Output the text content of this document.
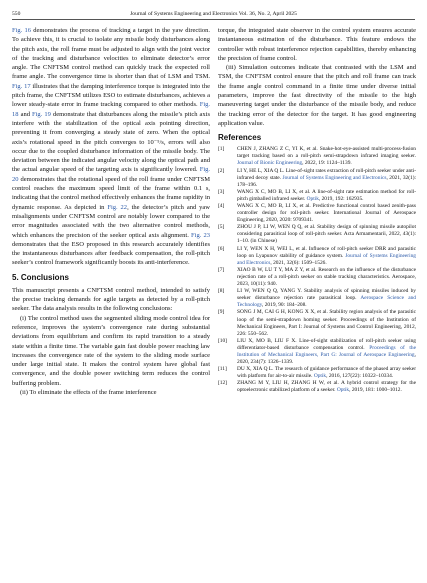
550	Journal of Systems Engineering and Electronics Vol. 36, No. 2, April 2025

Fig. 16 demonstrates the process of tracking a target in the yaw direction. To achieve this, it is crucial to isolate any missile body disturbances along the pitch axis, the roll frame must be adjusted to align with the joint vector of the tracking and disturbance velocities to eliminate detector’s error angle. The CNFTSM control method can quickly track the expected roll frame angle. The convergence time is shorter than that of LSM and TSM. Fig. 17 illustrates that the damping interference torque is integrated into the pitch frame, the CNFTSM utilizes ESO to estimate disturbances, achieves a lower steady-state error in frame tracking compared to other methods. Fig. 18 and Fig. 19 demonstrate that disturbances along the missile’s pitch axis interfere with the stabilization of the optical axis pointing direction, preventing it from converging a steady state of zero. When the optical axis’s rotational speed in the pitch converges to 10⁻⁵/s, errors will also occur due to the coupled disturbance information of the missile body. The deviation between the indicated angular velocity along the optical path and the actual angular speed of the targeting axis is significantly lowered. Fig. 20 demonstrates that the rotational speed of the roll frame under CNFTSM control reaches the maximum speed limit of the frame within 0.1 s, indicating that the control method effectively enhances the frame rapidity in dynamic response. As depicted in Fig. 22, the detector’s pitch and yaw misalignments under CNFTSM control are notably lower compared to the error magnitudes associated with the two alternative control methods, which enhances the precision of the seeker optical axis alignment. Fig. 23 demonstrates that the ESO proposed in this research accurately identifies the instantaneous disturbances after feedback compensation, the roll-pitch seeker’s control framework significantly boosts its anti-interference.

5. Conclusions

This manuscript presents a CNFTSM control method, intended to satisfy the precise tracking demands for agile targets as detected by a roll-pitch seeker. The data analysis results in the following conclusions:

(i) The control method uses the segmented sliding mode control idea for reference, improves the system’s convergence rate during substantial deviations from equilibrium and confirm its rapid transition to a steady state within a finite time. The variable gain fast double power reaching law increases the convergence rate of the system to the sliding mode surface under large initial state. It makes the control system have global fast convergence, and the double power switching term reduces the control buffering problem.

(ii) To eliminate the effects of the frame interference

torque, the integrated state observer in the control system ensures accurate instantaneous estimation of the disturbance. This feature endows the controller with robust interference rejection capabilities, thereby enhancing the precision of frame control.

(iii) Simulation outcomes indicate that contrasted with the LSM and TSM, the CNFTSM control ensure that the pitch and roll frame can track the frame angle control command in a finite time under diverse initial parameters, improve the fast directivity of the missile to the high maneuvering target under the disturbance of the missile body, and reduce the tracking error of the detector for the target. It has good engineering application value.

References
[1] CHEN J, ZHANG Z C, YI K, et al. Snake-hot-eye-assisted multi-process-fusion target tracking based on a roll-pitch semi-strapdown infrared imaging seeker. Journal of Bionic Engineering, 2022, 19: 1124–1139.
[2] LI Y, HE L, XIA Q L. Line-of-sight rates extraction of roll-pitch seeker under anti-infrared decoy state. Journal of Systems Engineering and Electronics, 2021, 32(1): 178–196.
[3] WANG X C, MO B, LI X, et al. A line-of-sight rate estimation method for roll-pitch gimballed infrared seeker. Optik, 2019, 192: 162935.
[4] WANG X C, MO B, LI X, et al. Predictive functional control based zenith-pass controller design for roll-pitch seeker. International Journal of Aerospace Engineering, 2020, 2020: 9709341.
[5] ZHOU J P, LI W, WEN Q Q, et al. Stability design of spinning missile autopilot considering parasitical loop of roll-pitch seeker. Acta Armamentarii, 2022, 43(1): 1–10. (in Chinese)
[6] LI Y, WEN X H, WEI L, et al. Influence of roll-pitch seeker DRR and parasitic loop on Lyapunov stability of guidance system. Journal of Systems Engineering and Electronics, 2021, 32(6): 1509–1526.
[7] XIAO B W, LU T Y, MA Z Y, et al. Research on the influence of the disturbance rejection rate of a roll-pitch seeker on stable tracking characteristics. Aerospace, 2023, 10(11): 940.
[8] LI W, WEN Q Q, YANG Y. Stability analysis of spinning missiles induced by seeker disturbance rejection rate parasitical loop. Aerospace Science and Technology, 2019, 90: 184–208.
[9] SONG J M, CAI G H, KONG X X, et al. Stability region analysis of the parasitic loop of the semi-strapdown homing seeker. Proceedings of the Institution of Mechanical Engineers, Part I: Journal of Systems and Control Engineering, 2012, 226: 550–562.
[10] LIU X, MO B, LIU F X. Line-of-sight stabilization of roll-pitch seeker using differentiator-based disturbance compensation control. Proceedings of the Institution of Mechanical Engineers, Part G: Journal of Aerospace Engineering, 2020, 234(7): 1326–1339.
[11] DU X, XIA Q L. The research of guidance performance of the phased array seeker with platform for air-to-air missile. Optik, 2016, 127(22): 10322–10334.
[12] ZHANG M Y, LIU H, ZHANG H W, et al. A hybrid control strategy for the optoelectronic stabilized platform of a seeker. Optik, 2019, 181: 1000–1012.
